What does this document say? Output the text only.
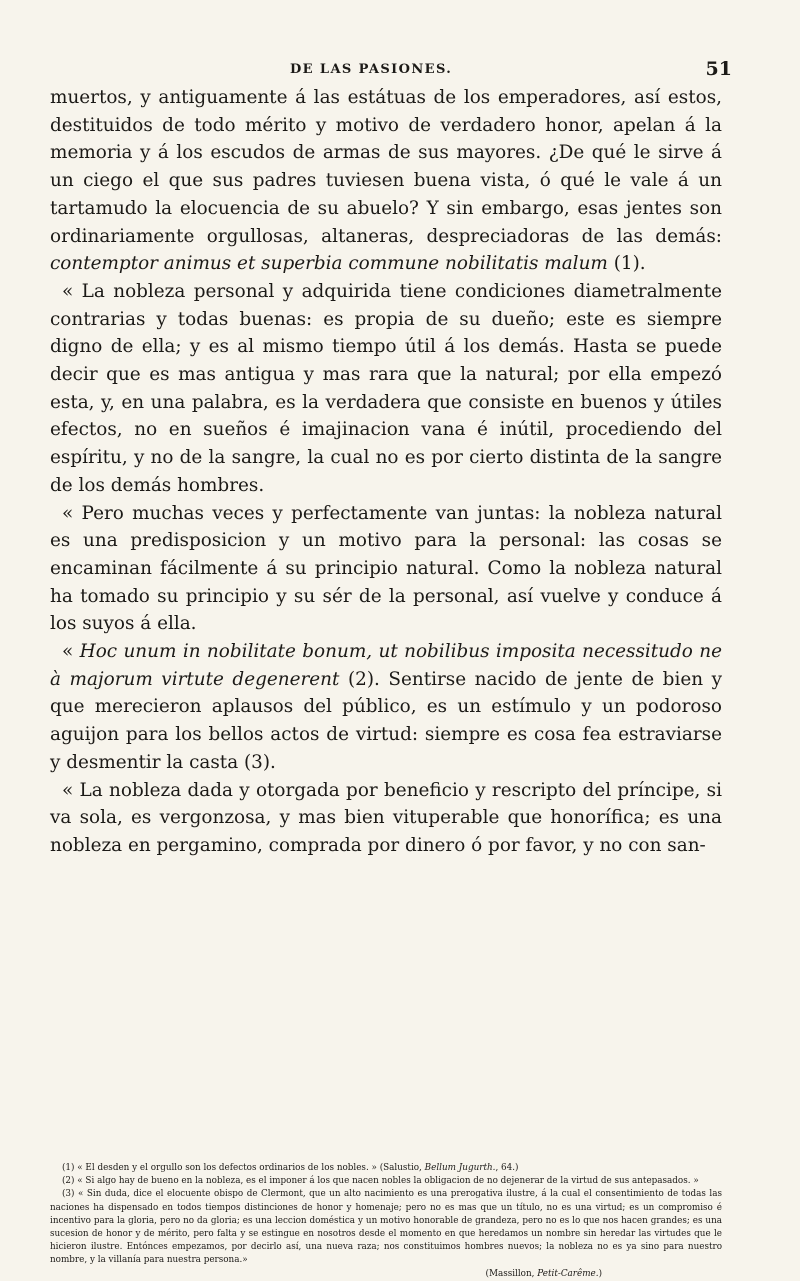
DE LAS PASIONES.	51

muertos, y antiguamente á las estátuas de los emperadores, así estos, destituidos de todo mérito y motivo de verdadero honor, apelan á la memoria y á los escudos de armas de sus mayores. ¿De qué le sirve á un ciego el que sus padres tuviesen buena vista, ó qué le vale á un tartamudo la elocuencia de su abuelo? Y sin embargo, esas jentes son ordinariamente orgullosas, altaneras, despreciadoras de las demás: contemptor animus et superbia commune nobilitatis malum (1).

« La nobleza personal y adquirida tiene condiciones diametralmente contrarias y todas buenas: es propia de su dueño; este es siempre digno de ella; y es al mismo tiempo útil á los demás. Hasta se puede decir que es mas antigua y mas rara que la natural; por ella empezó esta, y, en una palabra, es la verdadera que consiste en buenos y útiles efectos, no en sueños é imajinacion vana é inútil, procediendo del espíritu, y no de la sangre, la cual no es por cierto distinta de la sangre de los demás hombres.

« Pero muchas veces y perfectamente van juntas: la nobleza natural es una predisposicion y un motivo para la personal: las cosas se encaminan fácilmente á su principio natural. Como la nobleza natural ha tomado su principio y su sér de la personal, así vuelve y conduce á los suyos á ella.

« Hoc unum in nobilitate bonum, ut nobilibus imposita necessitudo ne à majorum virtute degenerent (2). Sentirse nacido de jente de bien y que merecieron aplausos del público, es un estímulo y un podoroso aguijon para los bellos actos de virtud: siempre es cosa fea estraviarse y desmentir la casta (3).

« La nobleza dada y otorgada por beneficio y rescripto del príncipe, si va sola, es vergonzosa, y mas bien vituperable que honorífica; es una nobleza en pergamino, comprada por dinero ó por favor, y no con san-

(1) « El desden y el orgullo son los defectos ordinarios de los nobles. » (Salustio, Bellum Jugurth., 64.)

(2) « Si algo hay de bueno en la nobleza, es el imponer á los que nacen nobles la obligacion de no dejenerar de la virtud de sus antepasados. »

(3) « Sin duda, dice el elocuente obispo de Clermont, que un alto nacimiento es una prerogativa ilustre, á la cual el consentimiento de todas las naciones ha dispensado en todos tiempos distinciones de honor y homenaje; pero no es mas que un título, no es una virtud; es un compromiso é incentivo para la gloria, pero no da gloria; es una leccion doméstica y un motivo honorable de grandeza, pero no es lo que nos hacen grandes; es una sucesion de honor y de mérito, pero falta y se estingue en nosotros desde el momento en que heredamos un nombre sin heredar las virtudes que le hicieron ilustre. Entónces empezamos, por decirlo así, una nueva raza; nos constituimos hombres nuevos; la nobleza no es ya sino para nuestro nombre, y la villanía para nuestra persona.»

(Massillon, Petit-Carême.)
